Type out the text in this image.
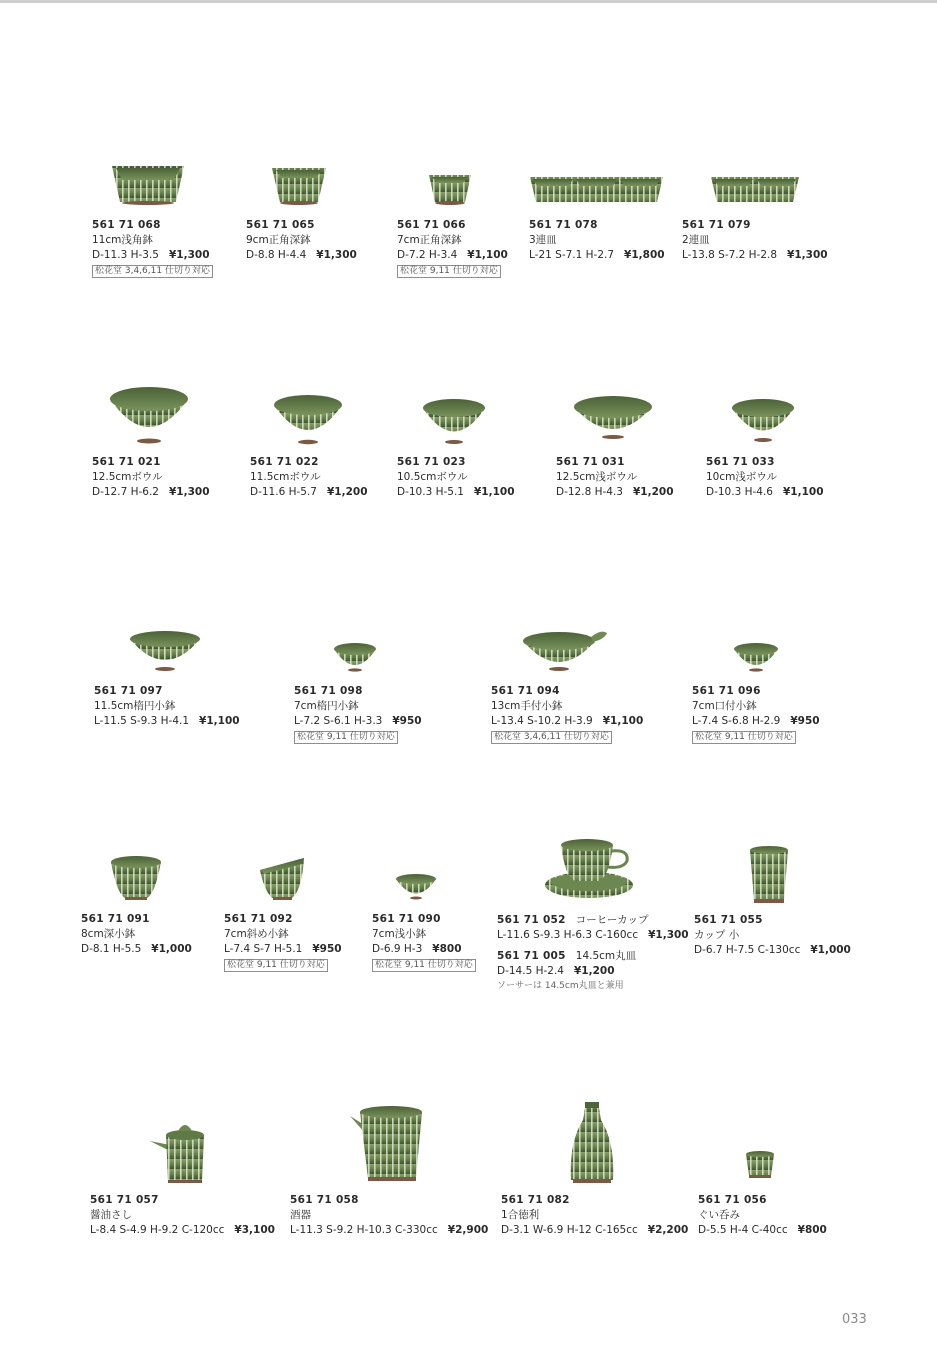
561 71 068
11cm浅角鉢
D-11.3 H-3.5 ¥1,300
松花堂 3,4,6,11 仕切り対応
561 71 065
9cm正角深鉢
D-8.8 H-4.4 ¥1,300
561 71 066
7cm正角深鉢
D-7.2 H-3.4 ¥1,100
松花堂 9,11 仕切り対応
561 71 078
3連皿
L-21 S-7.1 H-2.7 ¥1,800
561 71 079
2連皿
L-13.8 S-7.2 H-2.8 ¥1,300
561 71 021
12.5cmボウル
D-12.7 H-6.2 ¥1,300
561 71 022
11.5cmボウル
D-11.6 H-5.7 ¥1,200
561 71 023
10.5cmボウル
D-10.3 H-5.1 ¥1,100
561 71 031
12.5cm浅ボウル
D-12.8 H-4.3 ¥1,200
561 71 033
10cm浅ボウル
D-10.3 H-4.6 ¥1,100
561 71 097
11.5cm楕円小鉢
L-11.5 S-9.3 H-4.1 ¥1,100
561 71 098
7cm楕円小鉢
L-7.2 S-6.1 H-3.3 ¥950
松花堂 9,11 仕切り対応
561 71 094
13cm手付小鉢
L-13.4 S-10.2 H-3.9 ¥1,100
松花堂 3,4,6,11 仕切り対応
561 71 096
7cm口付小鉢
L-7.4 S-6.8 H-2.9 ¥950
松花堂 9,11 仕切り対応
561 71 091
8cm深小鉢
D-8.1 H-5.5 ¥1,000
561 71 092
7cm斜め小鉢
L-7.4 S-7 H-5.1 ¥950
松花堂 9,11 仕切り対応
561 71 090
7cm浅小鉢
D-6.9 H-3 ¥800
松花堂 9,11 仕切り対応
561 71 052 コーヒーカップ
L-11.6 S-9.3 H-6.3 C-160cc ¥1,300
561 71 005 14.5cm丸皿
D-14.5 H-2.4 ¥1,200
ソーサーは 14.5cm丸皿と兼用
561 71 055
カップ 小
D-6.7 H-7.5 C-130cc ¥1,000
561 71 057
醤油さし
L-8.4 S-4.9 H-9.2 C-120cc ¥3,100
561 71 058
酒器
L-11.3 S-9.2 H-10.3 C-330cc ¥2,900
561 71 082
1合徳利
D-3.1 W-6.9 H-12 C-165cc ¥2,200
561 71 056
ぐい呑み
D-5.5 H-4 C-40cc ¥800
033
